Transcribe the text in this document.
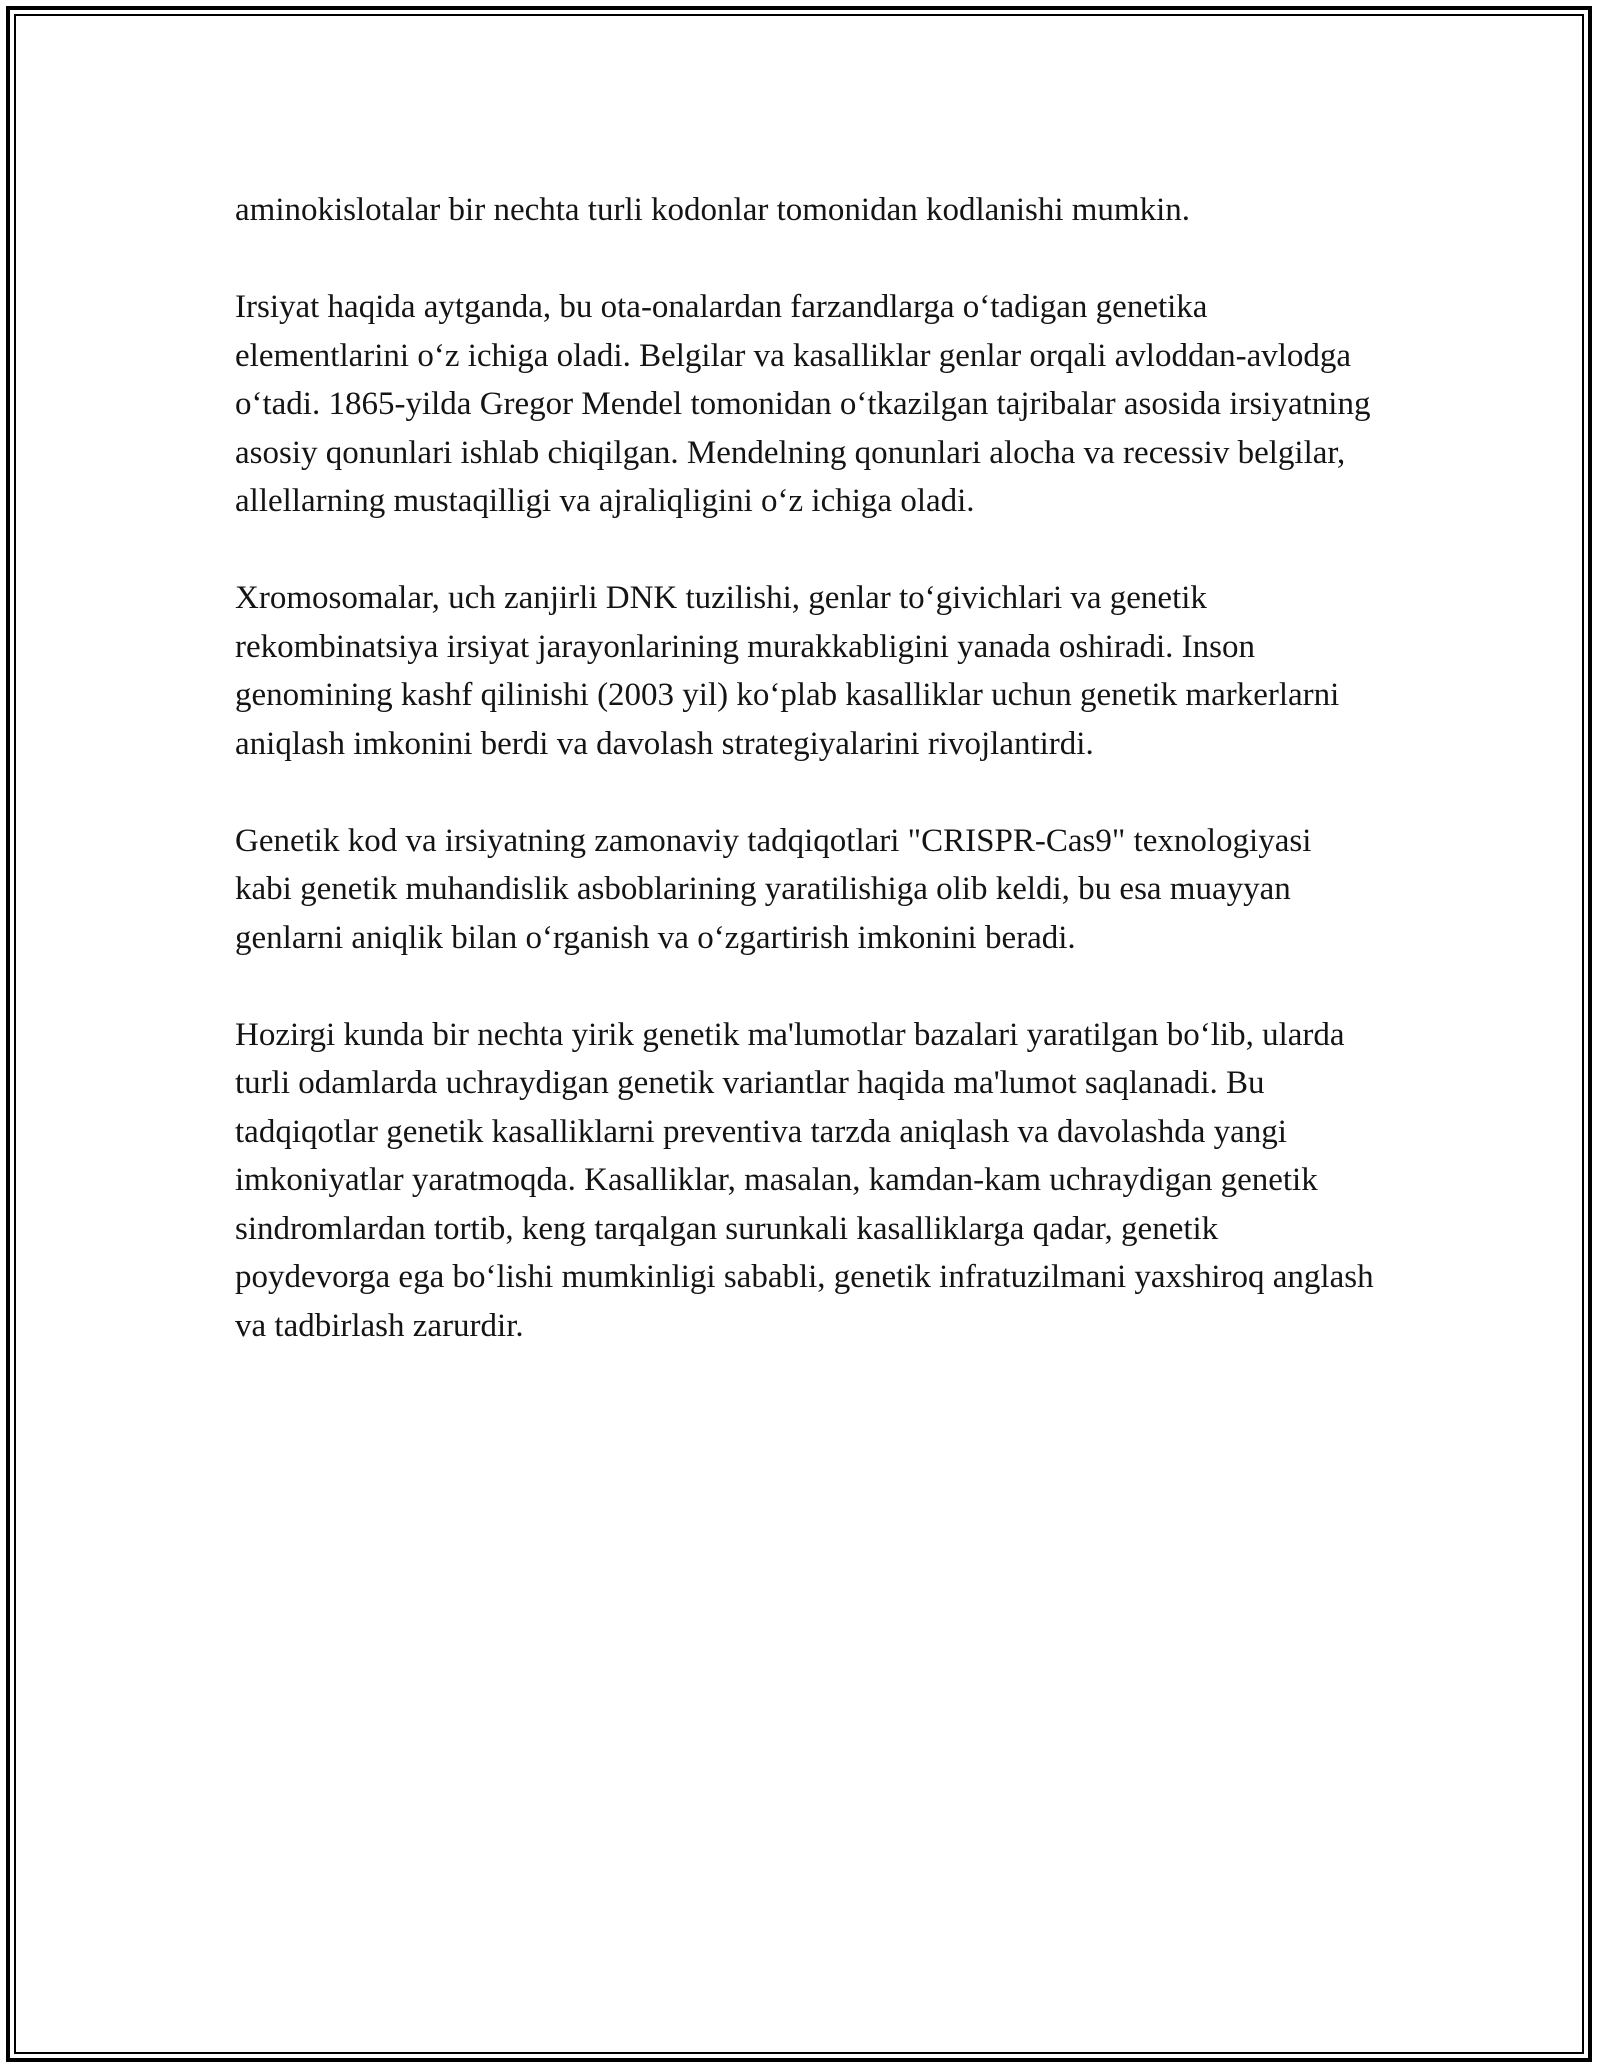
aminokislotalar bir nechta turli kodonlar tomonidan kodlanishi mumkin.

Irsiyat haqida aytganda, bu ota-onalardan farzandlarga o‘tadigan genetika elementlarini o‘z ichiga oladi. Belgilar va kasalliklar genlar orqali avloddan-avlodga o‘tadi. 1865-yilda Gregor Mendel tomonidan o‘tkazilgan tajribalar asosida irsiyatning asosiy qonunlari ishlab chiqilgan. Mendelning qonunlari alocha va recessiv belgilar, allellarning mustaqilligi va ajraliqligini o‘z ichiga oladi.

Xromosomalar, uch zanjirli DNK tuzilishi, genlar to‘givichlari va genetik rekombinatsiya irsiyat jarayonlarining murakkabligini yanada oshiradi. Inson genomining kashf qilinishi (2003 yil) ko‘plab kasalliklar uchun genetik markerlarni aniqlash imkonini berdi va davolash strategiyalarini rivojlantirdi.

Genetik kod va irsiyatning zamonaviy tadqiqotlari "CRISPR-Cas9" texnologiyasi kabi genetik muhandislik asboblarining yaratilishiga olib keldi, bu esa muayyan genlarni aniqlik bilan o‘rganish va o‘zgartirish imkonini beradi.

Hozirgi kunda bir nechta yirik genetik ma'lumotlar bazalari yaratilgan bo‘lib, ularda turli odamlarda uchraydigan genetik variantlar haqida ma'lumot saqlanadi. Bu tadqiqotlar genetik kasalliklarni preventiva tarzda aniqlash va davolashda yangi imkoniyatlar yaratmoqda. Kasalliklar, masalan, kamdan-kam uchraydigan genetik sindromlardan tortib, keng tarqalgan surunkali kasalliklarga qadar, genetik poydevorga ega bo‘lishi mumkinligi sababli, genetik infratuzilmani yaxshiroq anglash va tadbirlash zarurdir.
